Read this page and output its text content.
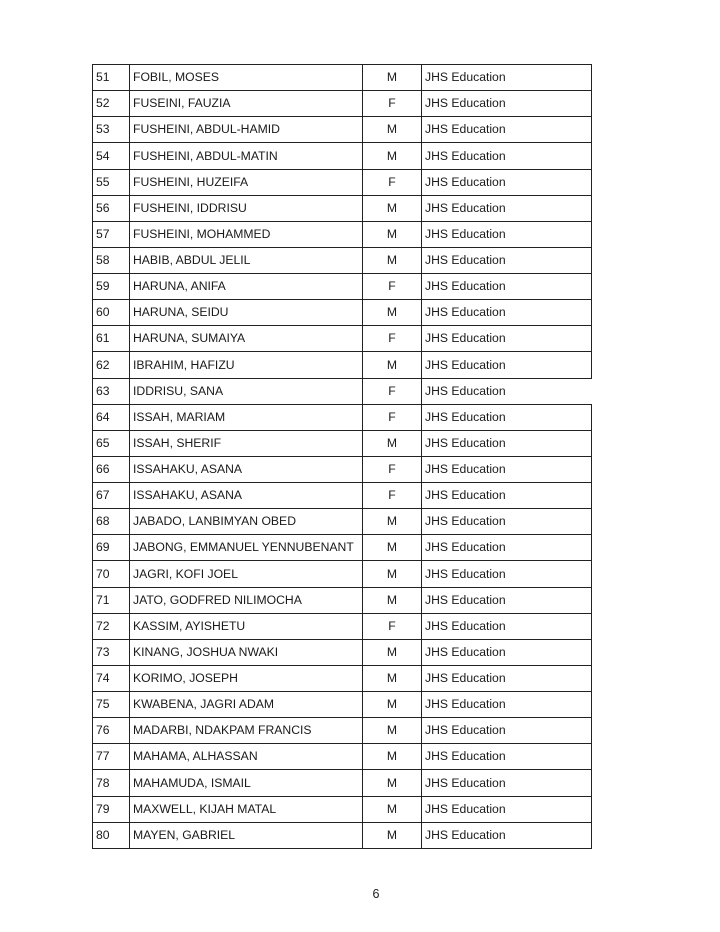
51	FOBIL, MOSES	M	JHS Education
52	FUSEINI, FAUZIA	F	JHS Education
53	FUSHEINI, ABDUL-HAMID	M	JHS Education
54	FUSHEINI, ABDUL-MATIN	M	JHS Education
55	FUSHEINI, HUZEIFA	F	JHS Education
56	FUSHEINI, IDDRISU	M	JHS Education
57	FUSHEINI, MOHAMMED	M	JHS Education
58	HABIB, ABDUL JELIL	M	JHS Education
59	HARUNA, ANIFA	F	JHS Education
60	HARUNA, SEIDU	M	JHS Education
61	HARUNA, SUMAIYA	F	JHS Education
62	IBRAHIM, HAFIZU	M	JHS Education
63	IDDRISU, SANA	F	JHS Education
64	ISSAH, MARIAM	F	JHS Education
65	ISSAH, SHERIF	M	JHS Education
66	ISSAHAKU, ASANA	F	JHS Education
67	ISSAHAKU, ASANA	F	JHS Education
68	JABADO, LANBIMYAN OBED	M	JHS Education
69	JABONG, EMMANUEL YENNUBENANT	M	JHS Education
70	JAGRI, KOFI JOEL	M	JHS Education
71	JATO, GODFRED NILIMOCHA	M	JHS Education
72	KASSIM, AYISHETU	F	JHS Education
73	KINANG, JOSHUA NWAKI	M	JHS Education
74	KORIMO, JOSEPH	M	JHS Education
75	KWABENA, JAGRI ADAM	M	JHS Education
76	MADARBI, NDAKPAM FRANCIS	M	JHS Education
77	MAHAMA, ALHASSAN	M	JHS Education
78	MAHAMUDA, ISMAIL	M	JHS Education
79	MAXWELL, KIJAH MATAL	M	JHS Education
80	MAYEN, GABRIEL	M	JHS Education
6
